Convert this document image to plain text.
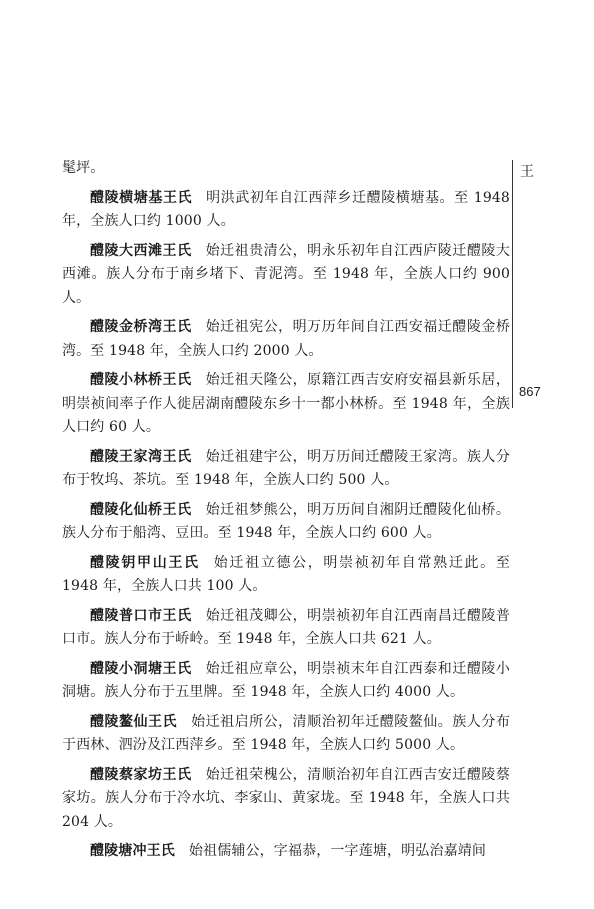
髦坪。

醴陵横塘基王氏 明洪武初年自江西萍乡迁醴陵横塘基。至 1948 年，全族人口约 1000 人。

醴陵大西滩王氏 始迁祖贵清公，明永乐初年自江西庐陵迁醴陵大西滩。族人分布于南乡堵下、青泥湾。至 1948 年，全族人口约 900 人。

醴陵金桥湾王氏 始迁祖宪公，明万历年间自江西安福迁醴陵金桥湾。至 1948 年，全族人口约 2000 人。

醴陵小林桥王氏 始迁祖天隆公，原籍江西吉安府安福县新乐居，明崇祯间率子作人徙居湖南醴陵东乡十一都小林桥。至 1948 年，全族人口约 60 人。

醴陵王家湾王氏 始迁祖建宇公，明万历间迁醴陵王家湾。族人分布于牧坞、茶坑。至 1948 年，全族人口约 500 人。

醴陵化仙桥王氏 始迁祖梦熊公，明万历间自湘阴迁醴陵化仙桥。族人分布于船湾、豆田。至 1948 年，全族人口约 600 人。

醴陵钥甲山王氏 始迁祖立德公，明崇祯初年自常熟迁此。至 1948 年，全族人口共 100 人。

醴陵普口市王氏 始迁祖茂卿公，明崇祯初年自江西南昌迁醴陵普口市。族人分布于峤岭。至 1948 年，全族人口共 621 人。

醴陵小洞塘王氏 始迁祖应章公，明崇祯末年自江西泰和迁醴陵小洞塘。族人分布于五里牌。至 1948 年，全族人口约 4000 人。

醴陵鳌仙王氏 始迁祖启所公，清顺治初年迁醴陵鳌仙。族人分布于西林、泗汾及江西萍乡。至 1948 年，全族人口约 5000 人。

醴陵蔡家坊王氏 始迁祖荣槐公，清顺治初年自江西吉安迁醴陵蔡家坊。族人分布于冷水坑、李家山、黄家垅。至 1948 年，全族人口共 204 人。

醴陵塘冲王氏 始祖儒辅公，字福恭，一字莲塘，明弘治嘉靖间

王
867
